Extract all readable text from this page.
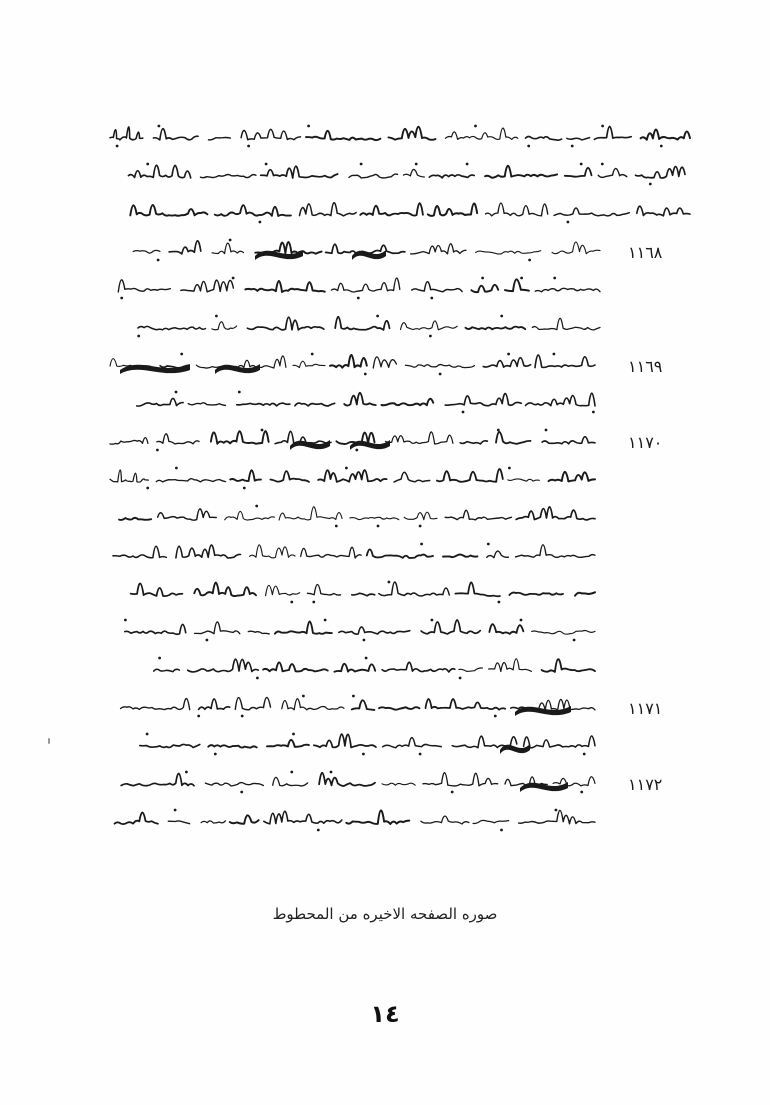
١١٦٨
١١٦٩
١١٧٠
١١٧١
١١٧٢
صوره الصفحه الاخيره من المحطوط
١٤
